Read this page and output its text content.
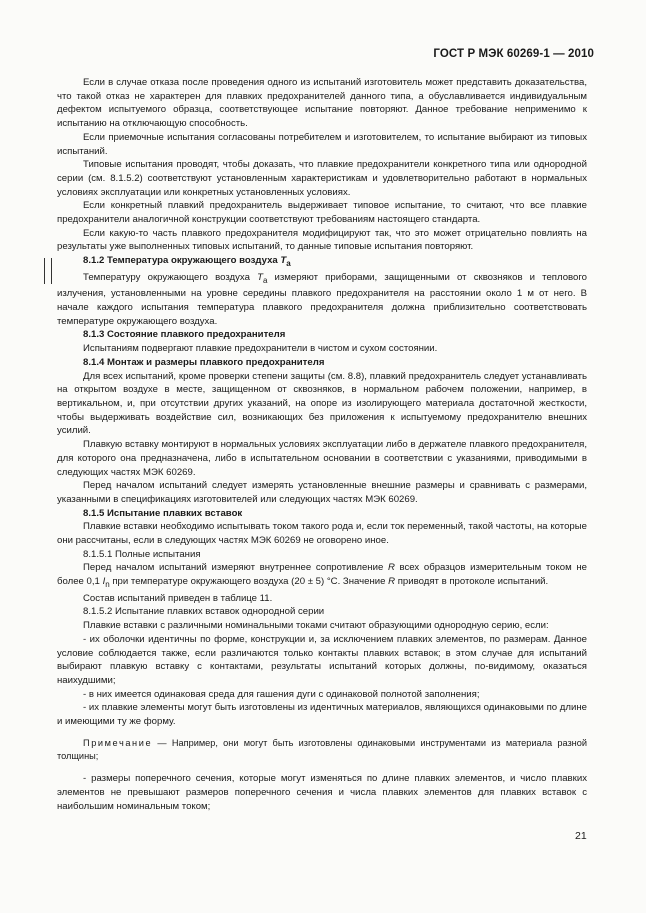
ГОСТ Р МЭК 60269-1 — 2010

Если в случае отказа после проведения одного из испытаний изготовитель может представить доказательства, что такой отказ не характерен для плавких предохранителей данного типа, а обуславливается индивидуальным дефектом испытуемого образца, соответствующее испытание повторяют. Данное требование неприменимо к испытанию на отключающую способность.

Если приемочные испытания согласованы потребителем и изготовителем, то испытание выбирают из типовых испытаний.

Типовые испытания проводят, чтобы доказать, что плавкие предохранители конкретного типа или однородной серии (см. 8.1.5.2) соответствуют установленным характеристикам и удовлетворительно работают в нормальных условиях эксплуатации или конкретных установленных условиях.

Если конкретный плавкий предохранитель выдерживает типовое испытание, то считают, что все плавкие предохранители аналогичной конструкции соответствуют требованиям настоящего стандарта.

Если какую-то часть плавкого предохранителя модифицируют так, что это может отрицательно повлиять на результаты уже выполненных типовых испытаний, то данные типовые испытания повторяют.

8.1.2 Температура окружающего воздуха $T_a$

Температуру окружающего воздуха $T_a$ измеряют приборами, защищенными от сквозняков и теплового излучения, установленными на уровне середины плавкого предохранителя на расстоянии около 1 м от него. В начале каждого испытания температура плавкого предохранителя должна приблизительно соответствовать температуре окружающего воздуха.

8.1.3 Состояние плавкого предохранителя

Испытаниям подвергают плавкие предохранители в чистом и сухом состоянии.

8.1.4 Монтаж и размеры плавкого предохранителя

Для всех испытаний, кроме проверки степени защиты (см. 8.8), плавкий предохранитель следует устанавливать на открытом воздухе в месте, защищенном от сквозняков, в нормальном рабочем положении, например, в вертикальном, и, при отсутствии других указаний, на опоре из изолирующего материала достаточной жесткости, чтобы выдерживать воздействие сил, возникающих без приложения к испытуемому предохранителю внешних усилий.

Плавкую вставку монтируют в нормальных условиях эксплуатации либо в держателе плавкого предохранителя, для которого она предназначена, либо в испытательном основании в соответствии с указаниями, приводимыми в следующих частях МЭК 60269.

Перед началом испытаний следует измерять установленные внешние размеры и сравнивать с размерами, указанными в спецификациях изготовителей или следующих частях МЭК 60269.

8.1.5 Испытание плавких вставок

Плавкие вставки необходимо испытывать током такого рода и, если ток переменный, такой частоты, на которые они рассчитаны, если в следующих частях МЭК 60269 не оговорено иное.

8.1.5.1 Полные испытания

Перед началом испытаний измеряют внутреннее сопротивление R всех образцов измерительным током не более 0,1 $I_n$ при температуре окружающего воздуха (20 ± 5) °С. Значение R приводят в протоколе испытаний.

Состав испытаний приведен в таблице 11.

8.1.5.2 Испытание плавких вставок однородной серии

Плавкие вставки с различными номинальными токами считают образующими однородную серию, если:

- их оболочки идентичны по форме, конструкции и, за исключением плавких элементов, по размерам. Данное условие соблюдается также, если различаются только контакты плавких вставок; в этом случае для испытаний выбирают плавкую вставку с контактами, результаты испытаний которых должны, по-видимому, оказаться наихудшими;

- в них имеется одинаковая среда для гашения дуги с одинаковой полнотой заполнения;

- их плавкие элементы могут быть изготовлены из идентичных материалов, являющихся одинаковыми по длине и имеющими ту же форму.

Примечание — Например, они могут быть изготовлены одинаковыми инструментами из материала разной толщины;

- размеры поперечного сечения, которые могут изменяться по длине плавких элементов, и число плавких элементов не превышают размеров поперечного сечения и числа плавких элементов для плавких вставок с наибольшим номинальным током;

21
